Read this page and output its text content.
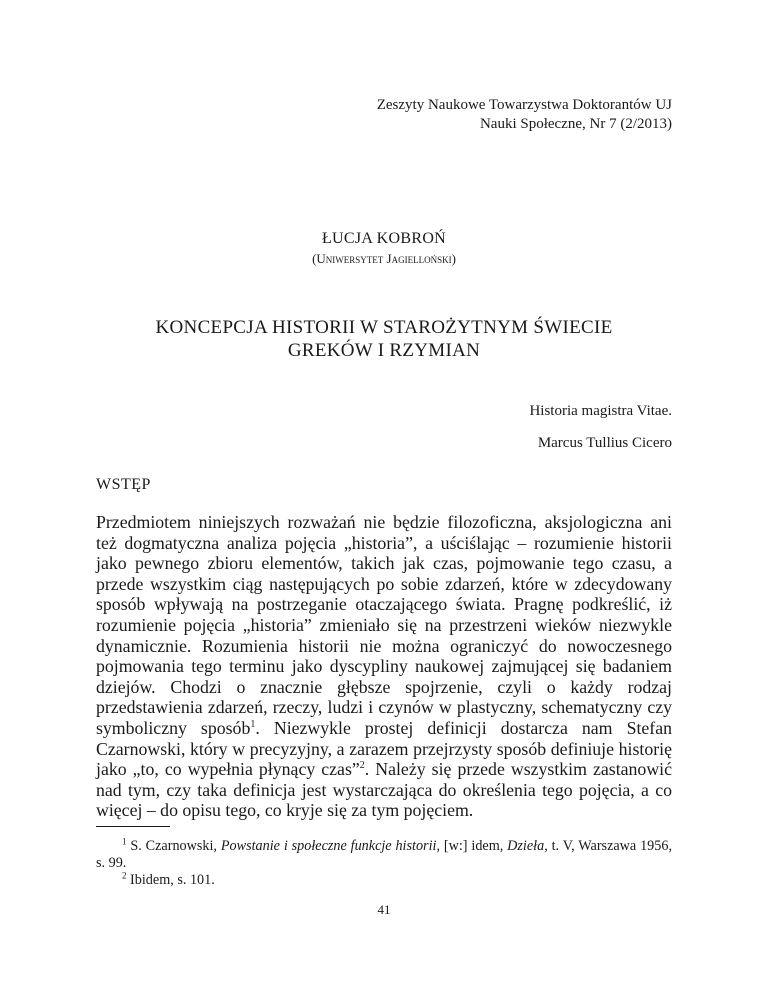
Zeszyty Naukowe Towarzystwa Doktorantów UJ
Nauki Społeczne, Nr 7 (2/2013)
ŁUCJA KOBROŃ
(Uniwersytet Jagielloński)
KONCEPCJA HISTORII W STAROŻYTNYM ŚWIECIE
GREKÓW I RZYMIAN
Historia magistra Vitae.
Marcus Tullius Cicero
WSTĘP

Przedmiotem niniejszych rozważań nie będzie filozoficzna, aksjologiczna ani też dogmatyczna analiza pojęcia „historia”, a uściślając – rozumienie historii jako pewnego zbioru elementów, takich jak czas, pojmowanie tego czasu, a przede wszystkim ciąg następujących po sobie zdarzeń, które w zdecydowany sposób wpływają na postrzeganie otaczającego świata. Pragnę podkreślić, iż rozumienie pojęcia „historia” zmieniało się na przestrzeni wieków niezwykle dynamicznie. Rozumienia historii nie można ograniczyć do nowoczesnego pojmowania tego terminu jako dyscypliny naukowej zajmującej się badaniem dziejów. Chodzi o znacznie głębsze spojrzenie, czyli o każdy rodzaj przedstawienia zdarzeń, rzeczy, ludzi i czynów w plastyczny, schematyczny czy symboliczny sposób$^1$. Niezwykle prostej definicji dostarcza nam Stefan Czarnowski, który w precyzyjny, a zarazem przejrzysty sposób definiuje historię jako „to, co wypełnia płynący czas”$^2$. Należy się przede wszystkim zastanowić nad tym, czy taka definicja jest wystarczająca do określenia tego pojęcia, a co więcej – do opisu tego, co kryje się za tym pojęciem.

$^1$ S. Czarnowski, Powstanie i społeczne funkcje historii, [w:] idem, Dzieła, t. V, Warszawa 1956, s. 99.
$^2$ Ibidem, s. 101.
41
